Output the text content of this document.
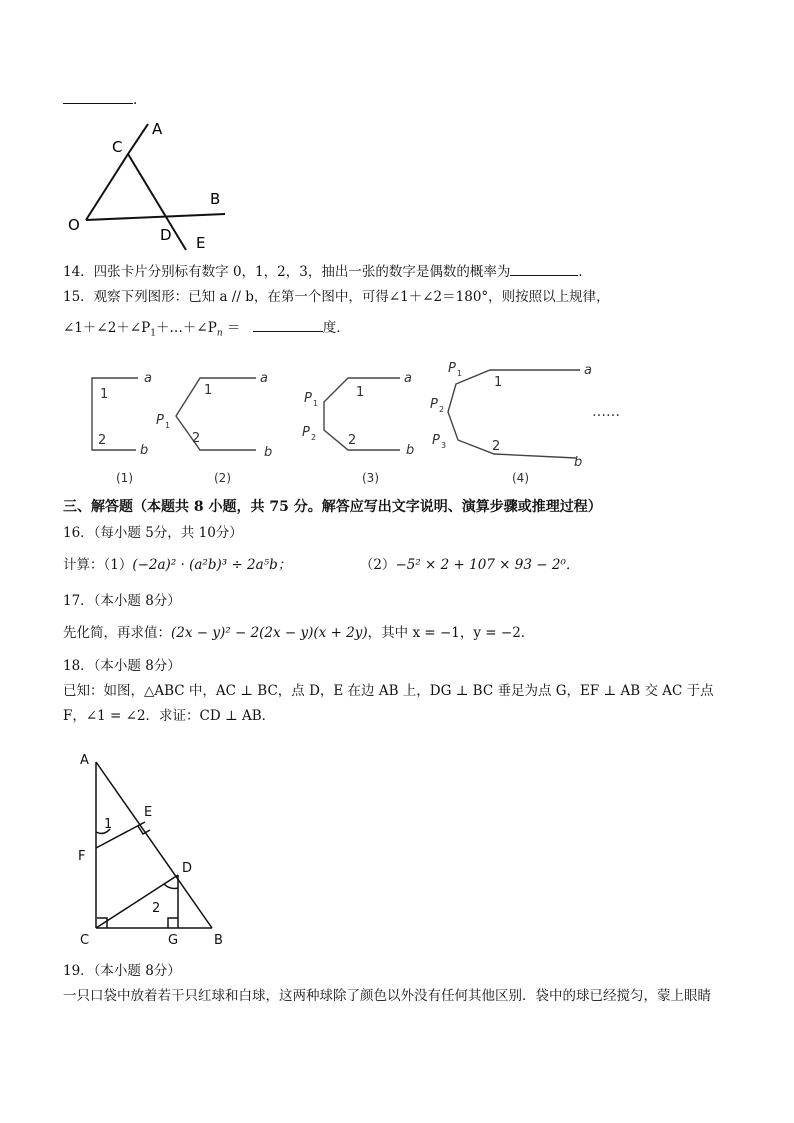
.
C
A
B
O
D E
14．四张卡片分别标有数字 0，1，2，3，抽出一张的数字是偶数的概率为	．
15．观察下列图形：已知 a // b，在第一个图中，可得∠1＋∠2＝180°，则按照以上规律，
$\angle 1+\angle 2+\angle P_1+\dots+\angle P_n$ ＝	度．
a
b
a
b
a
b
a
b
1
2
1
2
1
2
1
2
P 1
P 1
P 2
P 1
P 2
P 3
……
(1)	(2)	(3)	(4)
三、解答题（本题共 8 小题，共 75 分。解答应写出文字说明、演算步骤或推理过程）
16．（每小题 5分，共 10分）
计算：（1）(−2a)² · (a²b)³ ÷ 2a⁵b；	（2）−5² × 2 + 107 × 93 − 2⁰．
17．（本小题 8分）
先化简，再求值：(2x − y)² − 2(2x − y)(x + 2y)，其中 x = −1，y = −2．
18．（本小题 8分）
已知：如图，△ABC 中，AC ⊥ BC，点 D，E 在边 AB 上，DG ⊥ BC 垂足为点 G，EF ⊥ AB 交 AC 于点
F，∠1 = ∠2．求证：CD ⊥ AB．
A
E
1
F
D
2
C	G	B
19．（本小题 8分）
一只口袋中放着若干只红球和白球，这两种球除了颜色以外没有任何其他区别．袋中的球已经搅匀，蒙上眼睛
